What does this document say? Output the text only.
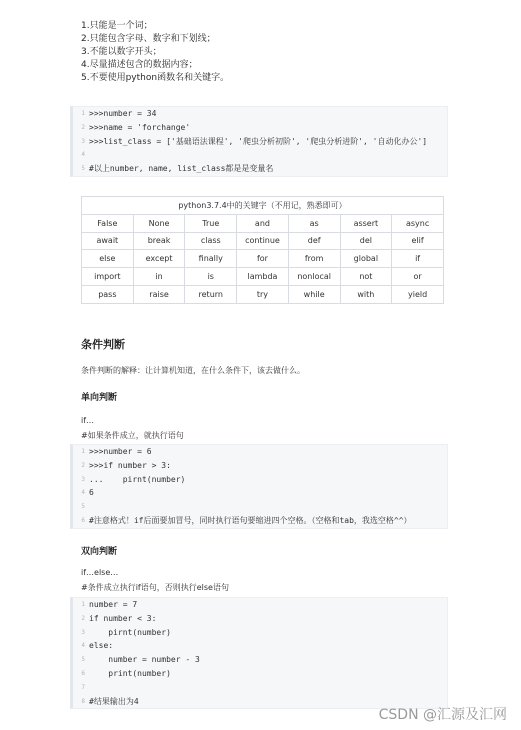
1.只能是一个词；
2.只能包含字母、数字和下划线；
3.不能以数字开头；
4.尽量描述包含的数据内容；
5.不要使用python函数名和关键字。
1 >>>number = 34
2 >>>name = 'forchange'
3 >>>list_class = ['基础语法课程', '爬虫分析初阶', '爬虫分析进阶', '自动化办公']
4
5 #以上number, name, list_class都是是变量名
python3.7.4中的关键字（不用记，熟悉即可）						
False	None	True	and	as	assert	async
await	break	class	continue	def	del	elif
else	except	finally	for	from	global	if
import	in	is	lambda	nonlocal	not	or
pass	raise	return	try	while	with	yield
条件判断
条件判断的解释：让计算机知道，在什么条件下，该去做什么。
单向判断
if…
#如果条件成立，就执行语句
1 >>>number = 6
2 >>>if number > 3:
3 ...    pirnt(number)
4 6
5
6 #注意格式！if后面要加冒号，同时执行语句要缩进四个空格。（空格和tab，我选空格^^）
双向判断
if…else…
#条件成立执行if语句，否则执行else语句
1 number = 7
2 if number < 3:
3 pirnt(number)
4 else:
5 number = number - 3
6 print(number)
7
8 #结果输出为4
CSDN @汇源及汇网
